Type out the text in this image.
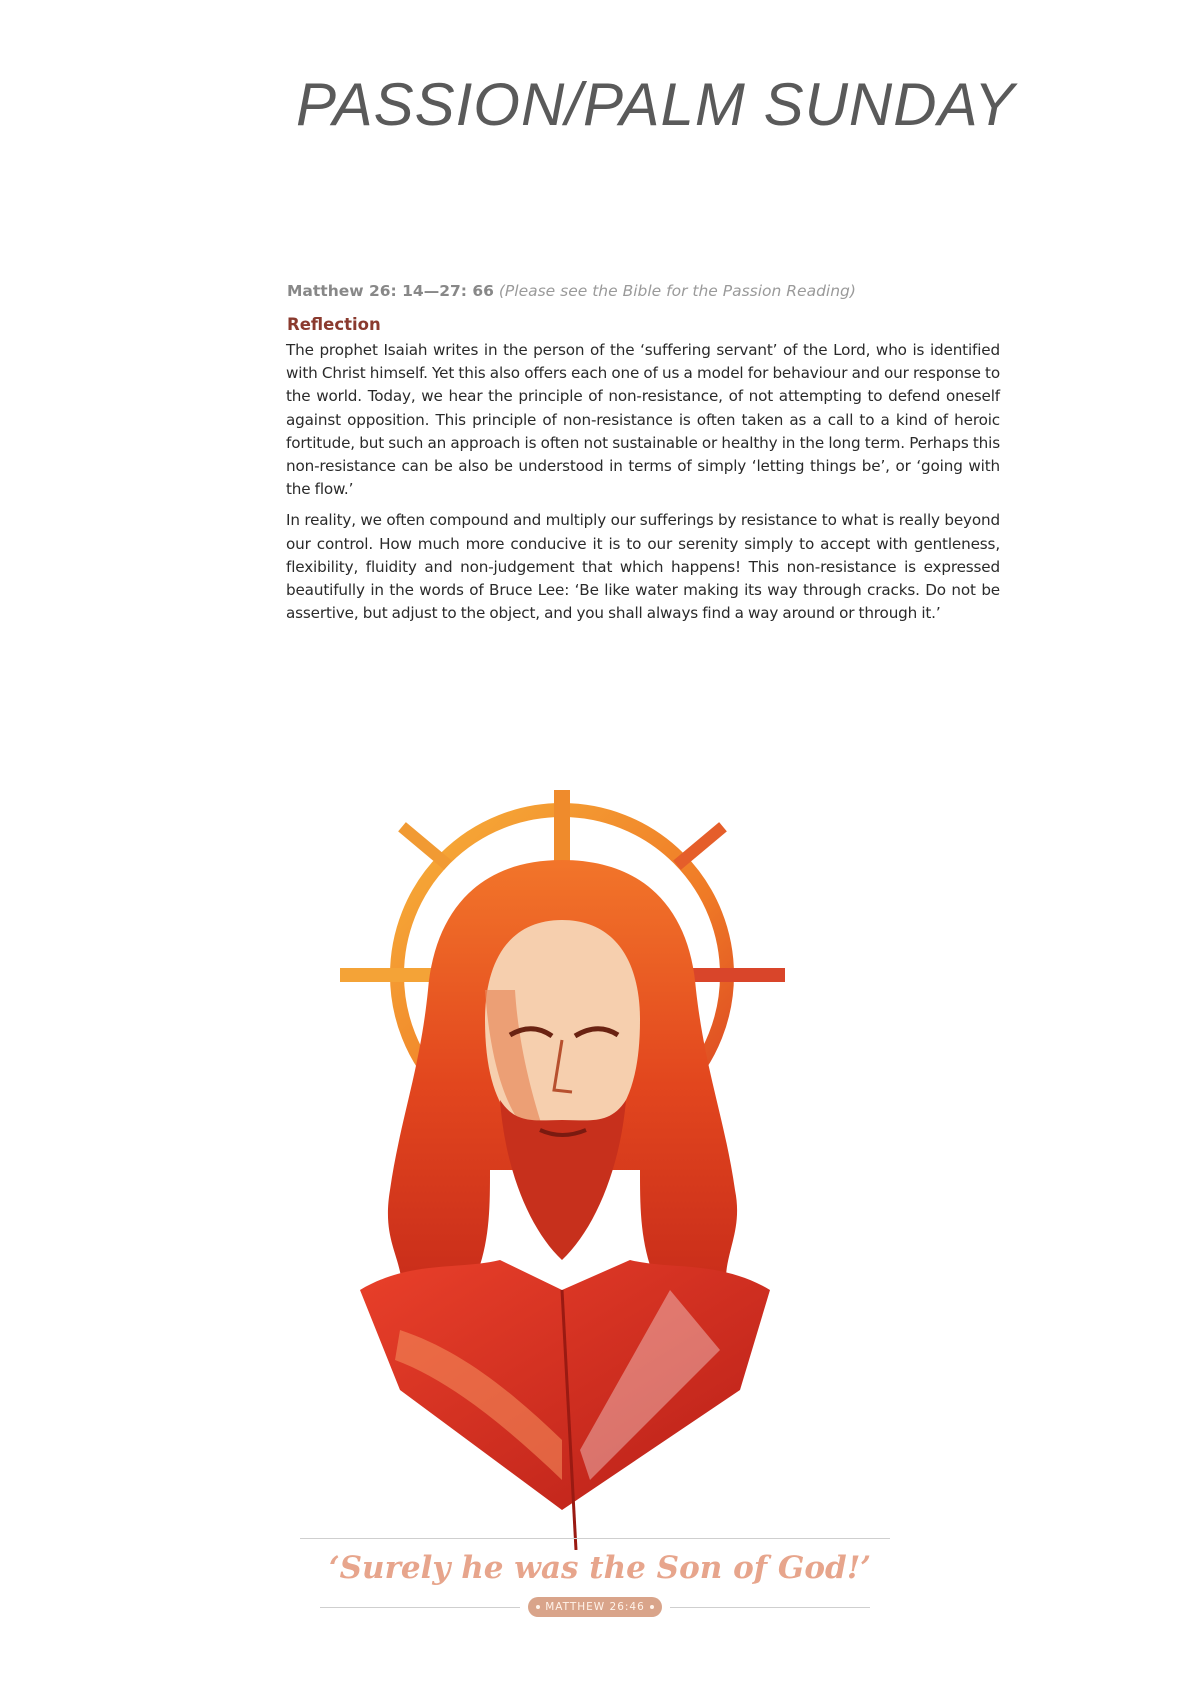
PASSION/PALM SUNDAY
Matthew 26: 14—27: 66 (Please see the Bible for the Passion Reading)
Reflection

The prophet Isaiah writes in the person of the ‘suffering servant’ of the Lord, who is identified with Christ himself. Yet this also offers each one of us a model for behaviour and our response to the world. Today, we hear the principle of non-resistance, of not attempting to defend oneself against opposition. This principle of non-resistance is often taken as a call to a kind of heroic fortitude, but such an approach is often not sustainable or healthy in the long term. Perhaps this non-resistance can be also be understood in terms of simply ‘letting things be’, or ‘going with the flow.’

In reality, we often compound and multiply our sufferings by resistance to what is really beyond our control. How much more conducive it is to our serenity simply to accept with gentleness, flexibility, fluidity and non-judgement that which happens! This non-resistance is expressed beautifully in the words of Bruce Lee: ‘Be like water making its way through cracks. Do not be assertive, but adjust to the object, and you shall always find a way around or through it.’

‘Surely he was the Son of God!’
MATTHEW 26:46
